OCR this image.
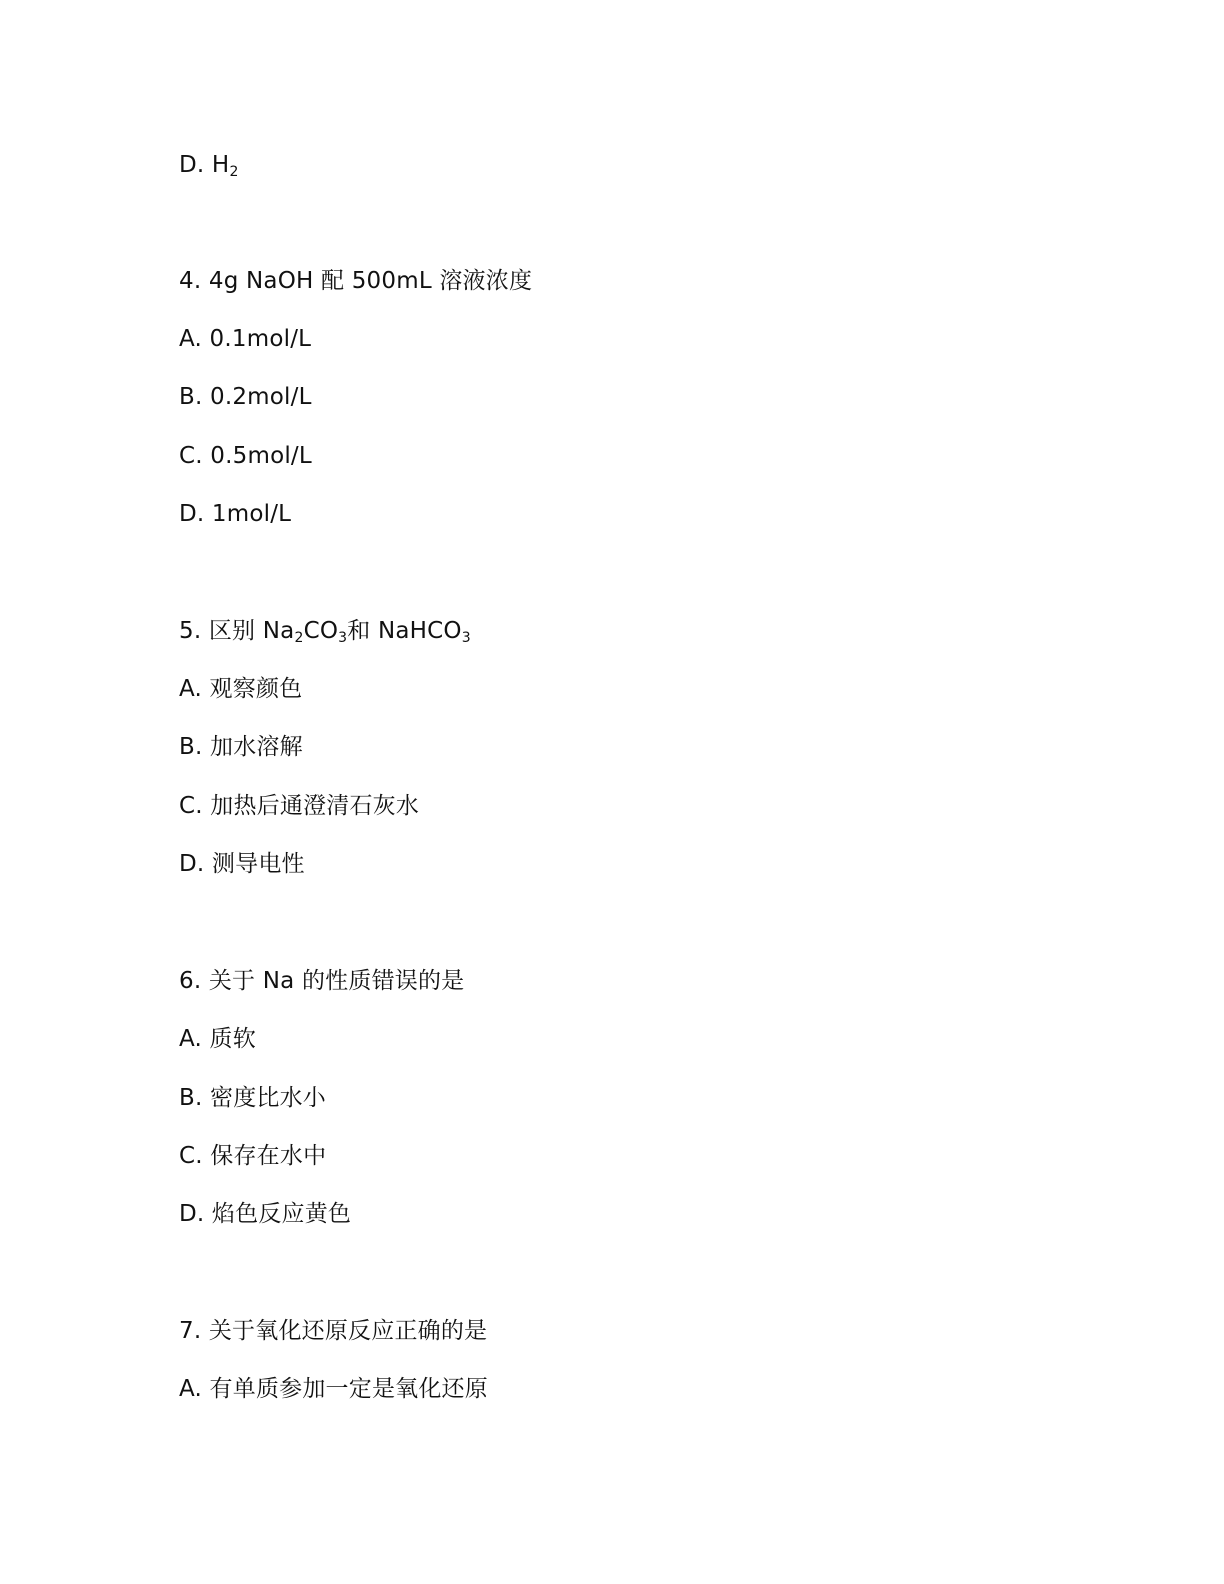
D. $H_2$
4. 4g NaOH 配 500mL 溶液浓度
A. 0.1mol/L
B. 0.2mol/L
C. 0.5mol/L
D. 1mol/L
5. 区别 $Na_2CO_3$和 NaHCO$_3$
A. 观察颜色
B. 加水溶解
C. 加热后通澄清石灰水
D. 测导电性
6. 关于 Na 的性质错误的是
A. 质软
B. 密度比水小
C. 保存在水中
D. 焰色反应黄色
7. 关于氧化还原反应正确的是
A. 有单质参加一定是氧化还原
